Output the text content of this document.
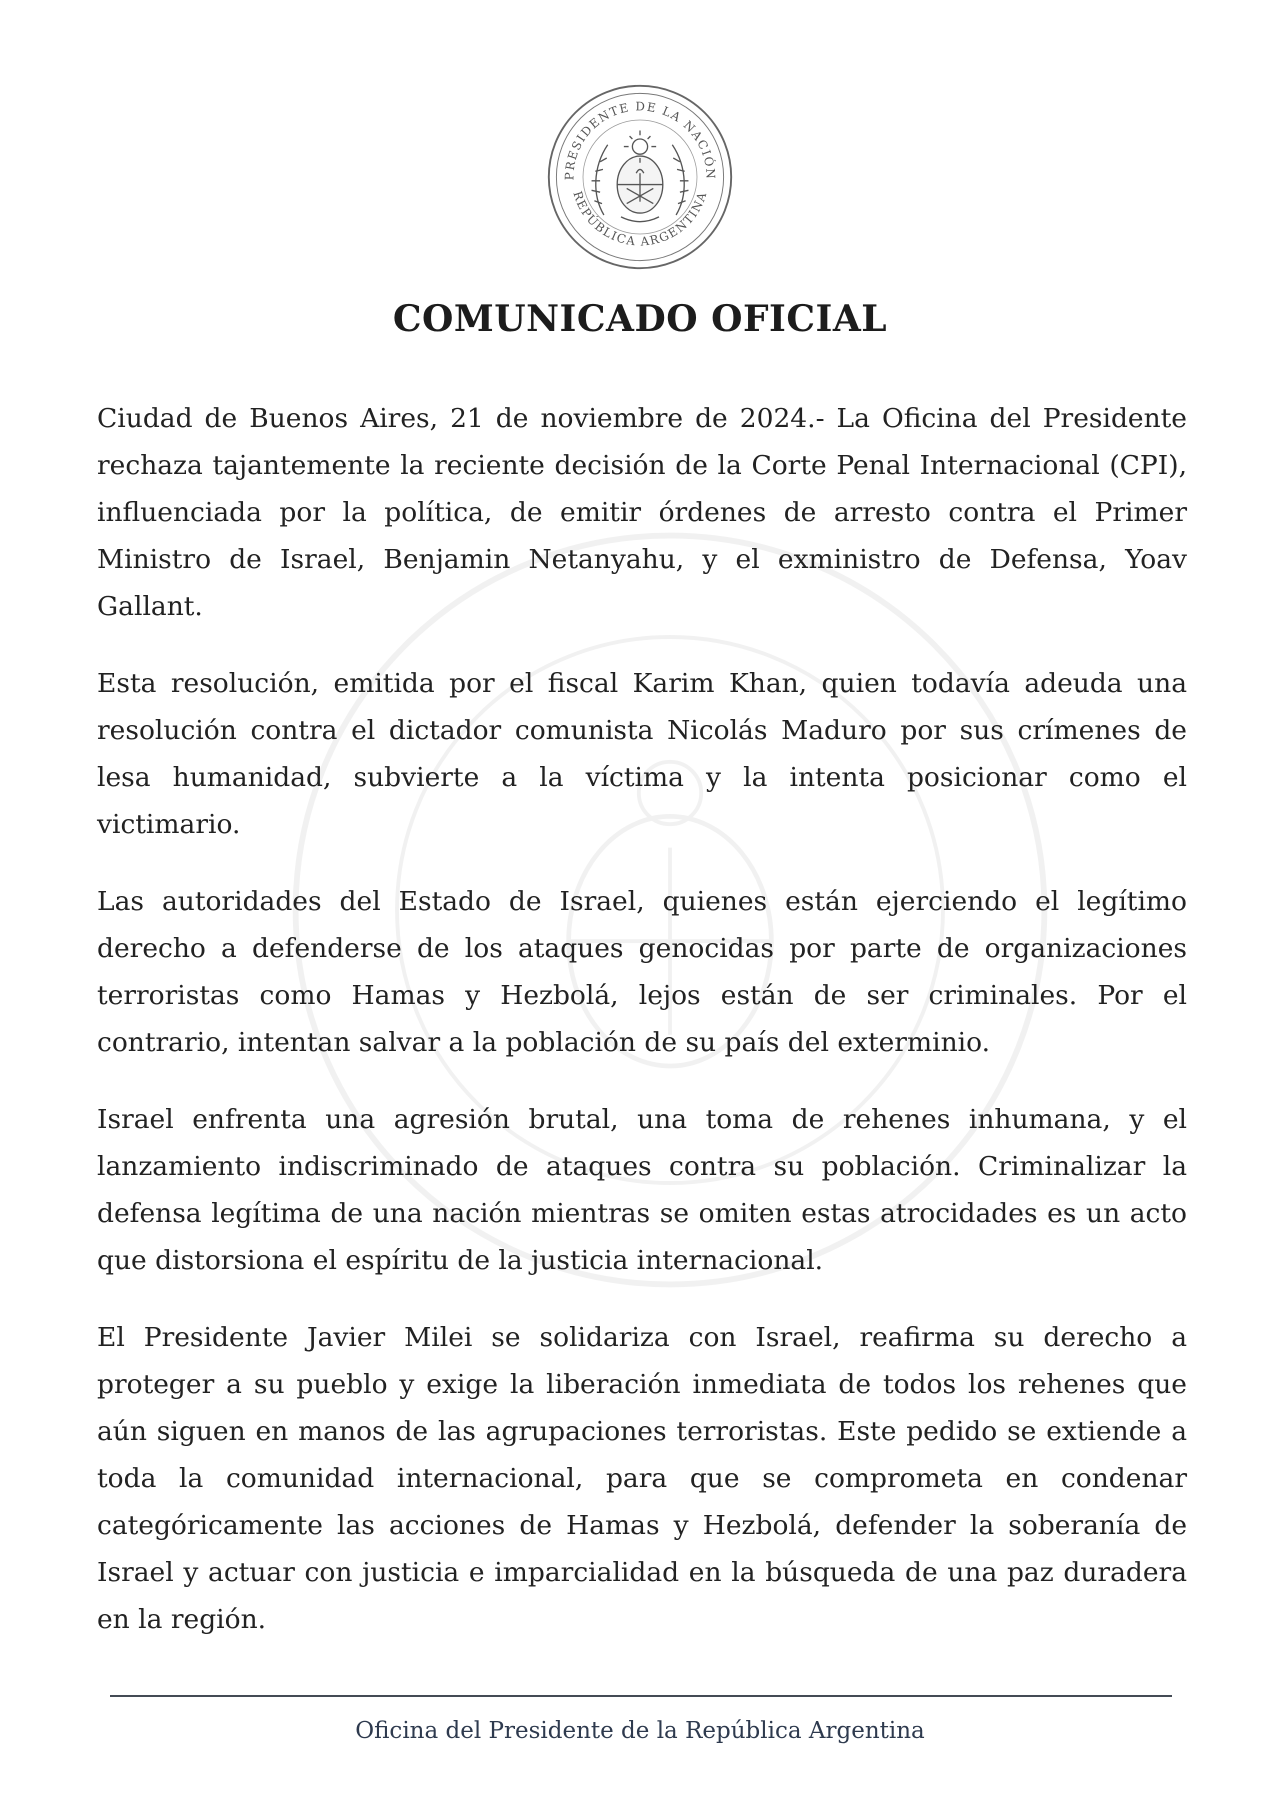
PRESIDENTE DE LA NACIÓN
REPÚBLICA ARGENTINA
COMUNICADO OFICIAL

Ciudad de Buenos Aires, 21 de noviembre de 2024.- La Oficina del Presidente rechaza tajantemente la reciente decisión de la Corte Penal Internacional (CPI), influenciada por la política, de emitir órdenes de arresto contra el Primer Ministro de Israel, Benjamin Netanyahu, y el exministro de Defensa, Yoav Gallant.

Esta resolución, emitida por el fiscal Karim Khan, quien todavía adeuda una resolución contra el dictador comunista Nicolás Maduro por sus crímenes de lesa humanidad, subvierte a la víctima y la intenta posicionar como el victimario.

Las autoridades del Estado de Israel, quienes están ejerciendo el legítimo derecho a defenderse de los ataques genocidas por parte de organizaciones terroristas como Hamas y Hezbolá, lejos están de ser criminales. Por el contrario, intentan salvar a la población de su país del exterminio.

Israel enfrenta una agresión brutal, una toma de rehenes inhumana, y el lanzamiento indiscriminado de ataques contra su población. Criminalizar la defensa legítima de una nación mientras se omiten estas atrocidades es un acto que distorsiona el espíritu de la justicia internacional.

El Presidente Javier Milei se solidariza con Israel, reafirma su derecho a proteger a su pueblo y exige la liberación inmediata de todos los rehenes que aún siguen en manos de las agrupaciones terroristas. Este pedido se extiende a toda la comunidad internacional, para que se comprometa en condenar categóricamente las acciones de Hamas y Hezbolá, defender la soberanía de Israel y actuar con justicia e imparcialidad en la búsqueda de una paz duradera en la región.

Oficina del Presidente de la República Argentina
